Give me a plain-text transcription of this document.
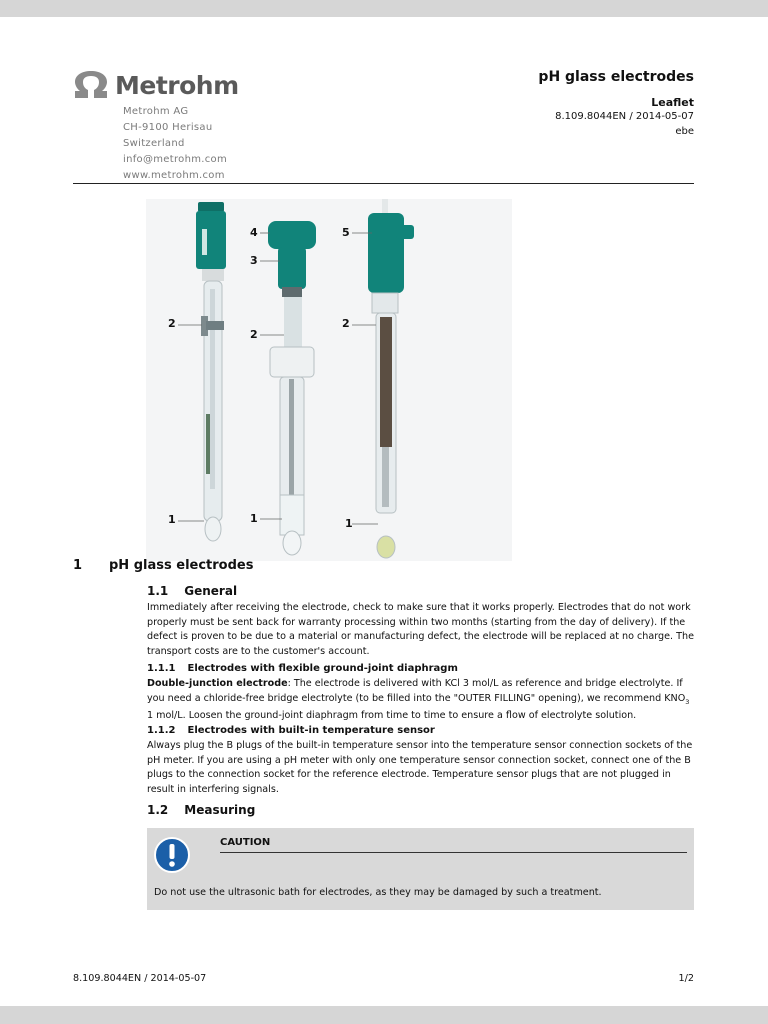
Metrohm
Metrohm AG
CH-9100 Herisau
Switzerland
info@metrohm.com
www.metrohm.com
pH glass electrodes
Leaflet
8.109.8044EN / 2014-05-07
ebe
2
1
4
3
2
1
5
2
1
1 pH glass electrodes
1.1 General
Immediately after receiving the electrode, check to make sure that it works properly. Electrodes that do not work properly must be sent back for warranty processing within two months (starting from the day of delivery). If the defect is proven to be due to a material or manufacturing defect, the electrode will be replaced at no charge. The transport costs are to the customer's account.
1.1.1 Electrodes with flexible ground-joint diaphragm
Double-junction electrode: The electrode is delivered with KCl 3 mol/L as reference and bridge electrolyte. If you need a chloride-free bridge electrolyte (to be filled into the "OUTER FILLING" opening), we recommend $KNO_3$ 1 mol/L. Loosen the ground-joint diaphragm from time to time to ensure a flow of electrolyte solution.
1.1.2 Electrodes with built-in temperature sensor
Always plug the B plugs of the built-in temperature sensor into the temperature sensor connection sockets of the pH meter. If you are using a pH meter with only one temperature sensor connection socket, connect one of the B plugs to the connection socket for the reference electrode. Temperature sensor plugs that are not plugged in result in interfering signals.
1.2 Measuring
CAUTION
Do not use the ultrasonic bath for electrodes, as they may be damaged by such a treatment.
8.109.8044EN / 2014-05-07	1/2
